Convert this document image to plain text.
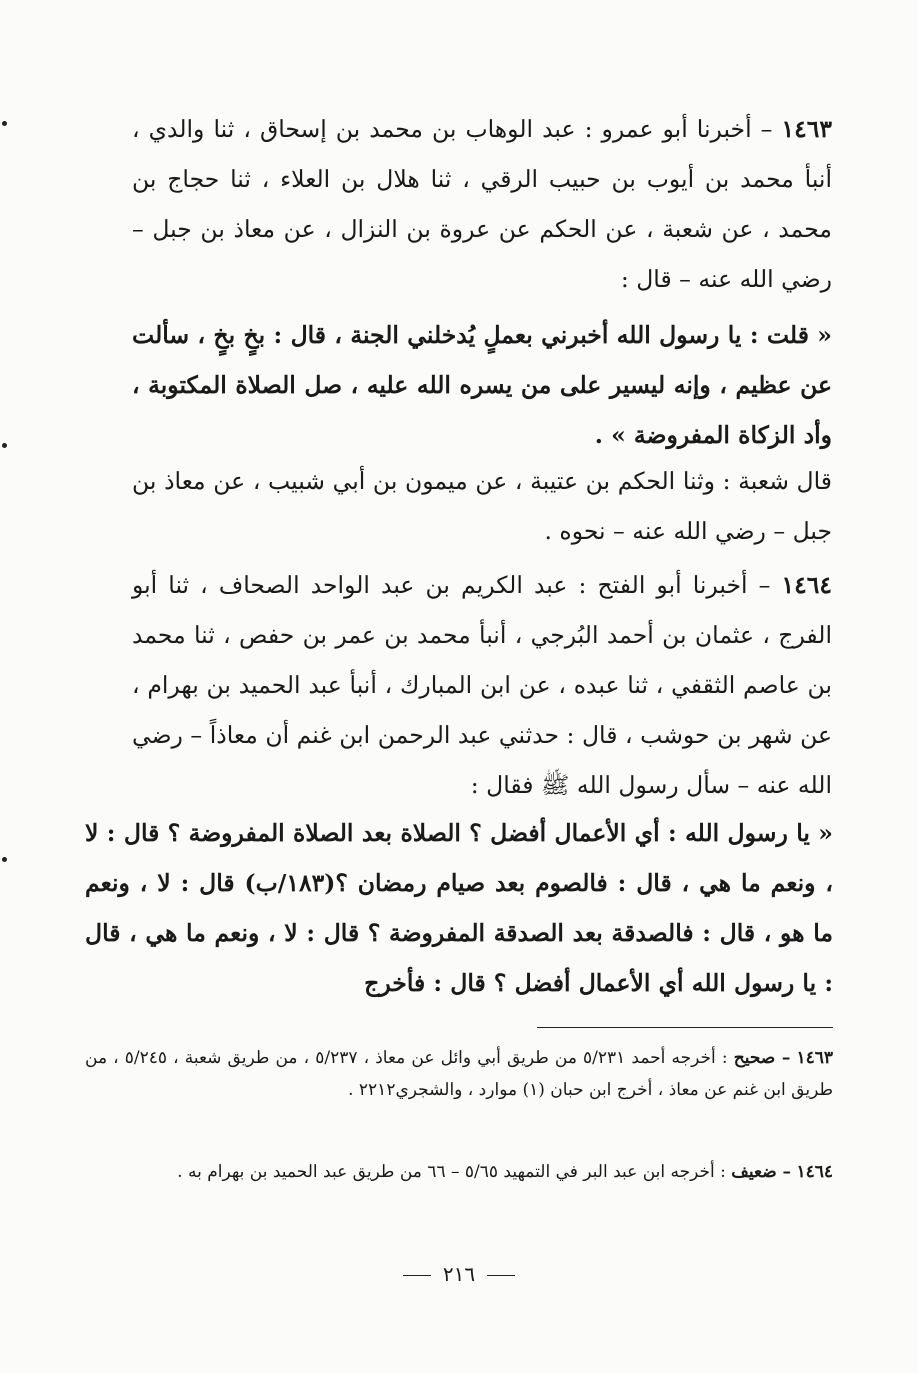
١٤٦٣ – أخبرنا أبو عمرو : عبد الوهاب بن محمد بن إسحاق ، ثنا والدي ، أنبأ محمد بن أيوب بن حبيب الرقي ، ثنا هلال بن العلاء ، ثنا حجاج بن محمد ، عن شعبة ، عن الحكم عن عروة بن النزال ، عن معاذ بن جبل – رضي الله عنه – قال :

« قلت : يا رسول الله أخبرني بعملٍ يُدخلني الجنة ، قال : بخٍ بخٍ ، سألت عن عظيم ، وإنه ليسير على من يسره الله عليه ، صل الصلاة المكتوبة ، وأد الزكاة المفروضة » .

قال شعبة : وثنا الحكم بن عتيبة ، عن ميمون بن أبي شبيب ، عن معاذ بن جبل – رضي الله عنه – نحوه .

١٤٦٤ – أخبرنا أبو الفتح : عبد الكريم بن عبد الواحد الصحاف ، ثنا أبو الفرج ، عثمان بن أحمد البُرجي ، أنبأ محمد بن عمر بن حفص ، ثنا محمد بن عاصم الثقفي ، ثنا عبده ، عن ابن المبارك ، أنبأ عبد الحميد بن بهرام ، عن شهر بن حوشب ، قال : حدثني عبد الرحمن ابن غنم أن معاذاً – رضي الله عنه – سأل رسول الله ﷺ فقال :

« يا رسول الله : أي الأعمال أفضل ؟ الصلاة بعد الصلاة المفروضة ؟ قال : لا ، ونعم ما هي ، قال : فالصوم بعد صيام رمضان ؟(١٨٣/ب) قال : لا ، ونعم ما هو ، قال : فالصدقة بعد الصدقة المفروضة ؟ قال : لا ، ونعم ما هي ، قال : يا رسول الله أي الأعمال أفضل ؟ قال : فأخرج

١٤٦٣ – صحيح : أخرجه أحمد ٥/٢٣١ من طريق أبي وائل عن معاذ ، ٥/٢٣٧ ، من طريق شعبة ، ٥/٢٤٥ ، من طريق ابن غنم عن معاذ ، أخرج ابن حبان (١) موارد ، والشجري٢٢١٢ .

١٤٦٤ – ضعيف : أخرجه ابن عبد البر في التمهيد ٥/٦٥ – ٦٦ من طريق عبد الحميد بن بهرام به .

٢١٦
